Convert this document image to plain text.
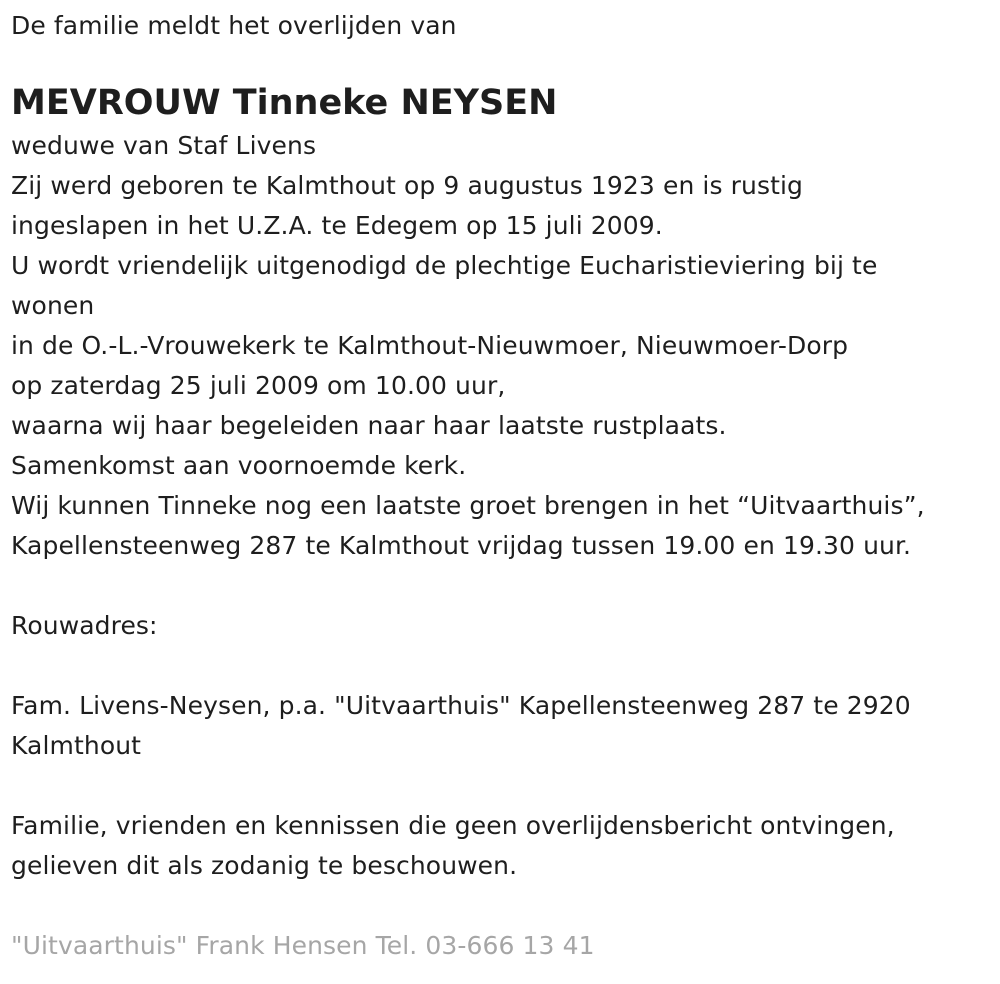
De familie meldt het overlijden van
MEVROUW Tinneke NEYSEN
weduwe van Staf Livens
Zij werd geboren te Kalmthout op 9 augustus 1923 en is rustig
ingeslapen in het U.Z.A. te Edegem op 15 juli 2009.
U wordt vriendelijk uitgenodigd de plechtige Eucharistieviering bij te
wonen
in de O.-L.-Vrouwekerk te Kalmthout-Nieuwmoer, Nieuwmoer-Dorp
op zaterdag 25 juli 2009 om 10.00 uur,
waarna wij haar begeleiden naar haar laatste rustplaats.
Samenkomst aan voornoemde kerk.
Wij kunnen Tinneke nog een laatste groet brengen in het “Uitvaarthuis”,
Kapellensteenweg 287 te Kalmthout vrijdag tussen 19.00 en 19.30 uur.
Rouwadres:
Fam. Livens-Neysen, p.a. "Uitvaarthuis" Kapellensteenweg 287 te 2920
Kalmthout
Familie, vrienden en kennissen die geen overlijdensbericht ontvingen,
gelieven dit als zodanig te beschouwen.
"Uitvaarthuis" Frank Hensen Tel. 03-666 13 41
